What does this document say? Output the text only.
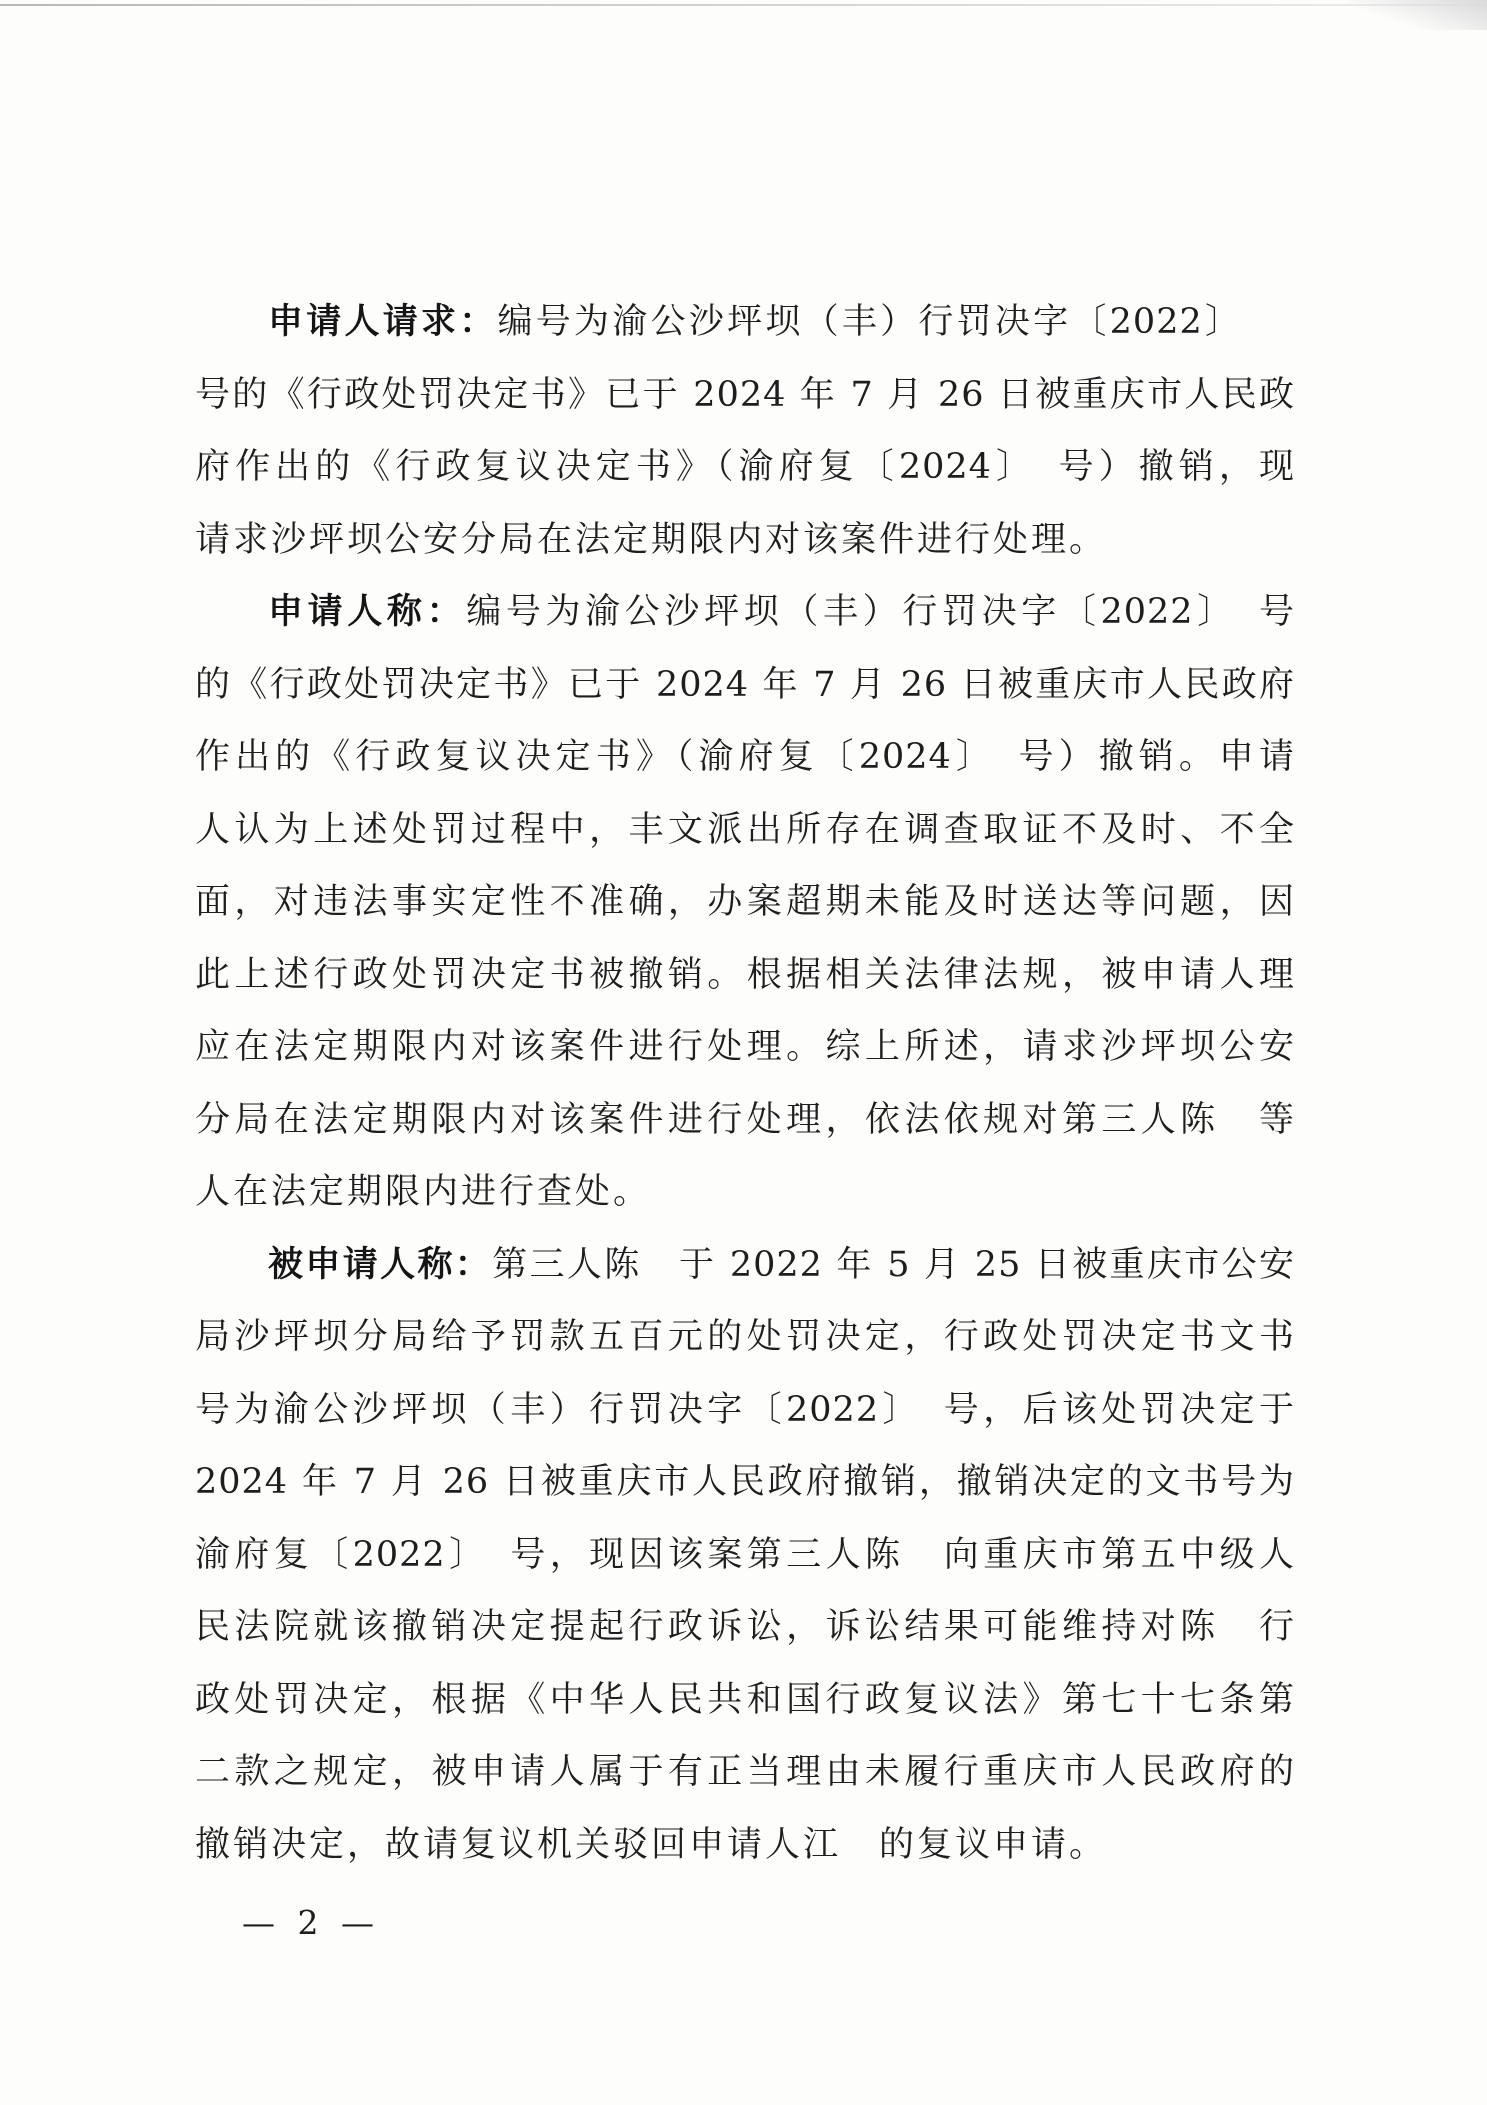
申请人请求：编号为渝公沙坪坝（丰）行罚决字〔2022〕
号的《行政处罚决定书》已于 2024 年 7 月 26 日被重庆市人民政
府作出的《行政复议决定书》（渝府复〔2024〕　号）撤销，现
请求沙坪坝公安分局在法定期限内对该案件进行处理。
申请人称：编号为渝公沙坪坝（丰）行罚决字〔2022〕　号
的《行政处罚决定书》已于 2024 年 7 月 26 日被重庆市人民政府
作出的《行政复议决定书》（渝府复〔2024〕　号）撤销。申请
人认为上述处罚过程中，丰文派出所存在调查取证不及时、不全
面，对违法事实定性不准确，办案超期未能及时送达等问题，因
此上述行政处罚决定书被撤销。根据相关法律法规，被申请人理
应在法定期限内对该案件进行处理。综上所述，请求沙坪坝公安
分局在法定期限内对该案件进行处理，依法依规对第三人陈　等
人在法定期限内进行查处。
被申请人称：第三人陈　于 2022 年 5 月 25 日被重庆市公安
局沙坪坝分局给予罚款五百元的处罚决定，行政处罚决定书文书
号为渝公沙坪坝（丰）行罚决字〔2022〕　号，后该处罚决定于
2024 年 7 月 26 日被重庆市人民政府撤销，撤销决定的文书号为
渝府复〔2022〕　号，现因该案第三人陈　向重庆市第五中级人
民法院就该撤销决定提起行政诉讼，诉讼结果可能维持对陈　行
政处罚决定，根据《中华人民共和国行政复议法》第七十七条第
二款之规定，被申请人属于有正当理由未履行重庆市人民政府的
撤销决定，故请复议机关驳回申请人江　的复议申请。
— 2 —
